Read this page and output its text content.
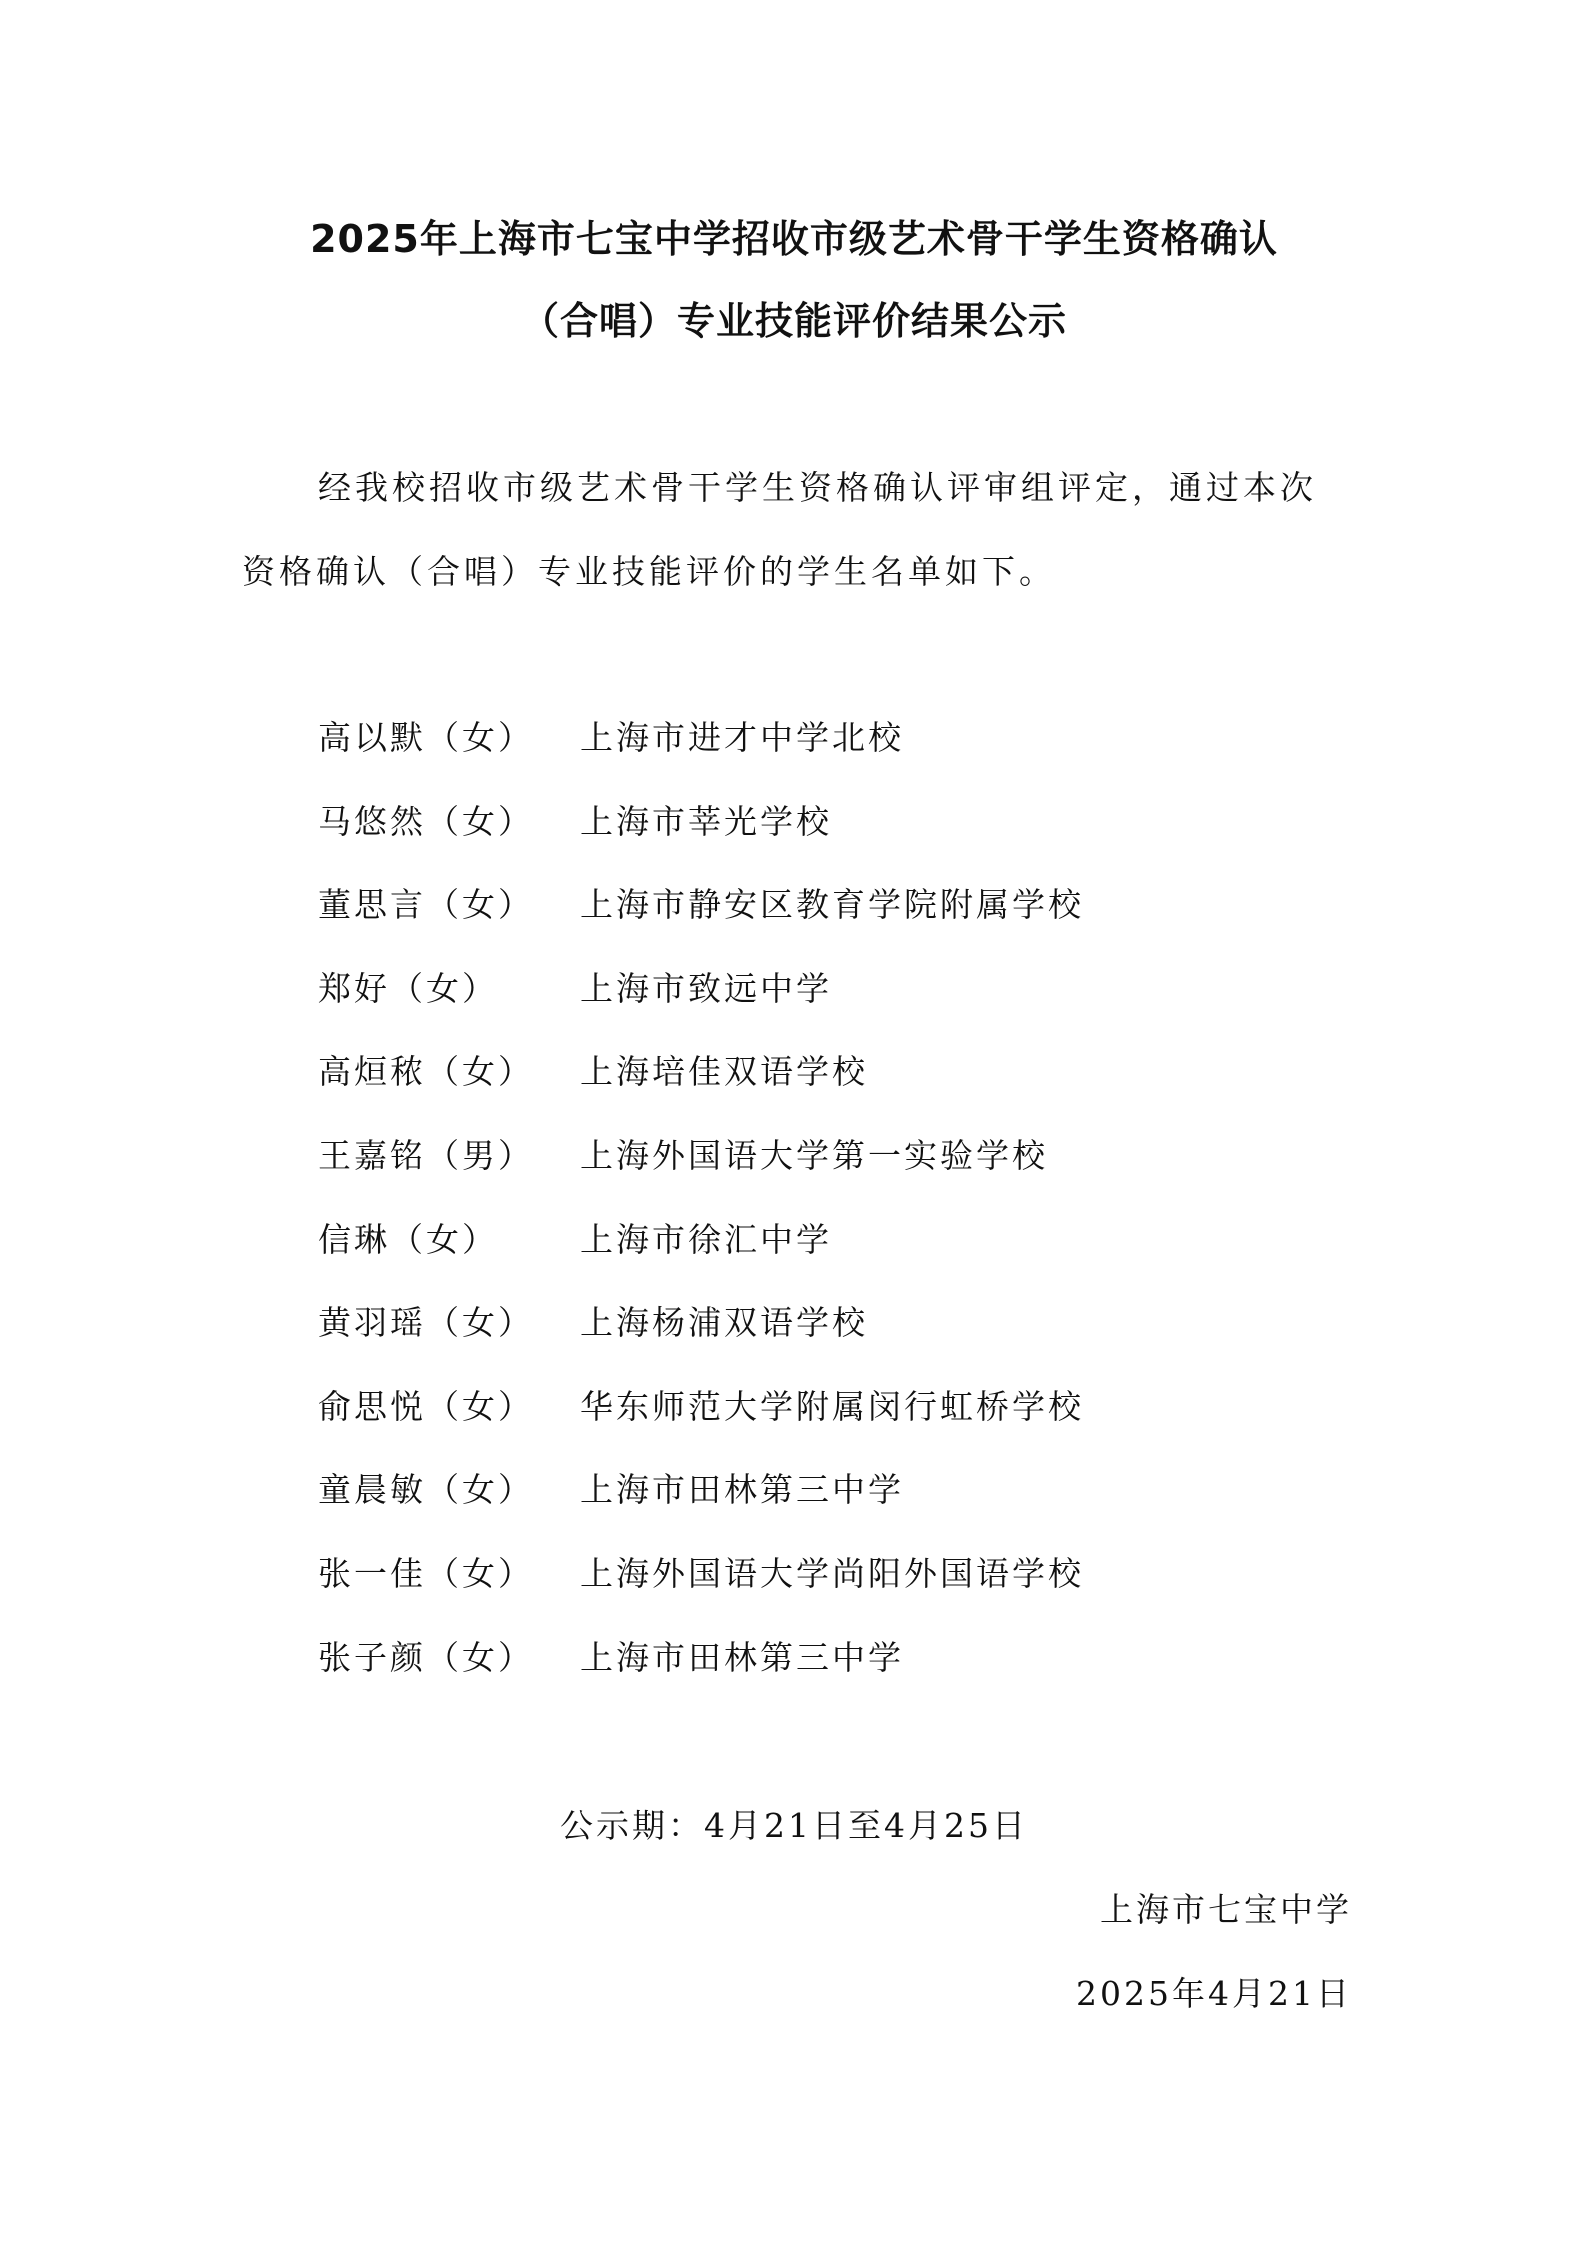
2025年上海市七宝中学招收市级艺术骨干学生资格确认
（合唱）专业技能评价结果公示
经我校招收市级艺术骨干学生资格确认评审组评定，通过本次
资格确认（合唱）专业技能评价的学生名单如下。
高以默（女） 上海市进才中学北校
马悠然（女） 上海市莘光学校
董思言（女） 上海市静安区教育学院附属学校
郑好（女） 上海市致远中学
高烜秾（女） 上海培佳双语学校
王嘉铭（男） 上海外国语大学第一实验学校
信琳（女） 上海市徐汇中学
黄羽瑶（女） 上海杨浦双语学校
俞思悦（女） 华东师范大学附属闵行虹桥学校
童晨敏（女） 上海市田林第三中学
张一佳（女） 上海外国语大学尚阳外国语学校
张子颜（女） 上海市田林第三中学
公示期：4月21日至4月25日
上海市七宝中学
2025年4月21日
